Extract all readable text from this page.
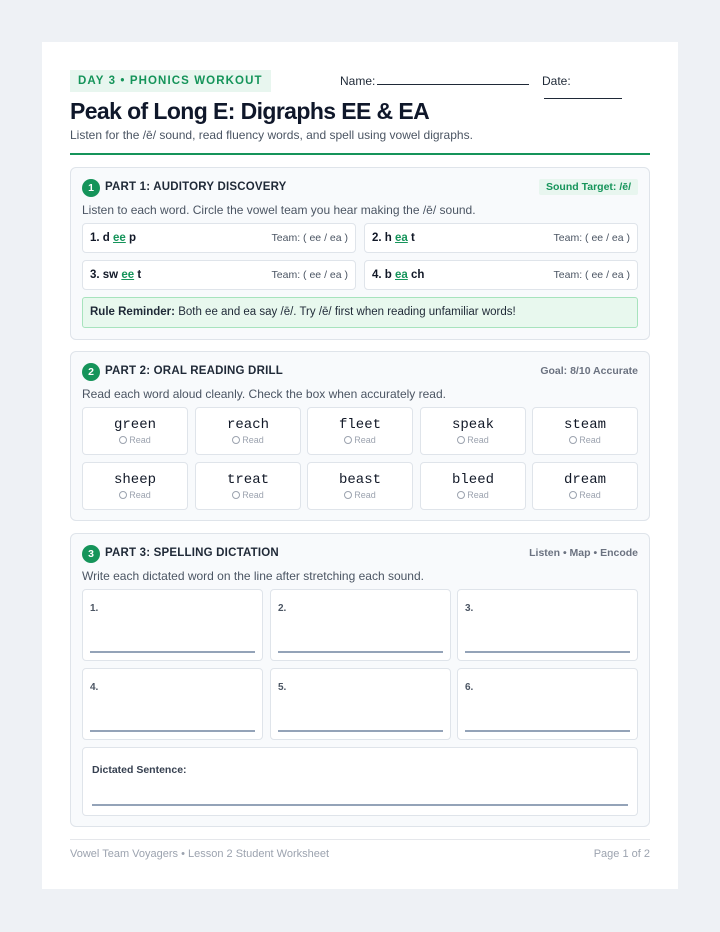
DAY 3 • PHONICS WORKOUT	Name:	Date:
Peak of Long E: Digraphs EE & EA
Listen for the /ē/ sound, read fluency words, and spell using vowel digraphs.
1 PART 1: AUDITORY DISCOVERY	Sound Target: /ē/
Listen to each word. Circle the vowel team you hear making the /ē/ sound.
1. d ee p	Team: ( ee / ea ) 2. h ea t	Team: ( ee / ea )
3. sw ee t	Team: ( ee / ea ) 4. b ea ch	Team: ( ee / ea )
Rule Reminder: Both ee and ea say /ē/. Try /ē/ first when reading unfamiliar words!
2 PART 2: ORAL READING DRILL	Goal: 8/10 Accurate
Read each word aloud cleanly. Check the box when accurately read.
green
Read
reach
Read
fleet
Read
speak
Read
steam
Read
sheep
Read
treat
Read
beast
Read
bleed
Read
dream
Read
3 PART 3: SPELLING DICTATION	Listen • Map • Encode
Write each dictated word on the line after stretching each sound.
1.	2.	3.
4.	5.	6.
Dictated Sentence:
Vowel Team Voyagers • Lesson 2 Student Worksheet	Page 1 of 2
